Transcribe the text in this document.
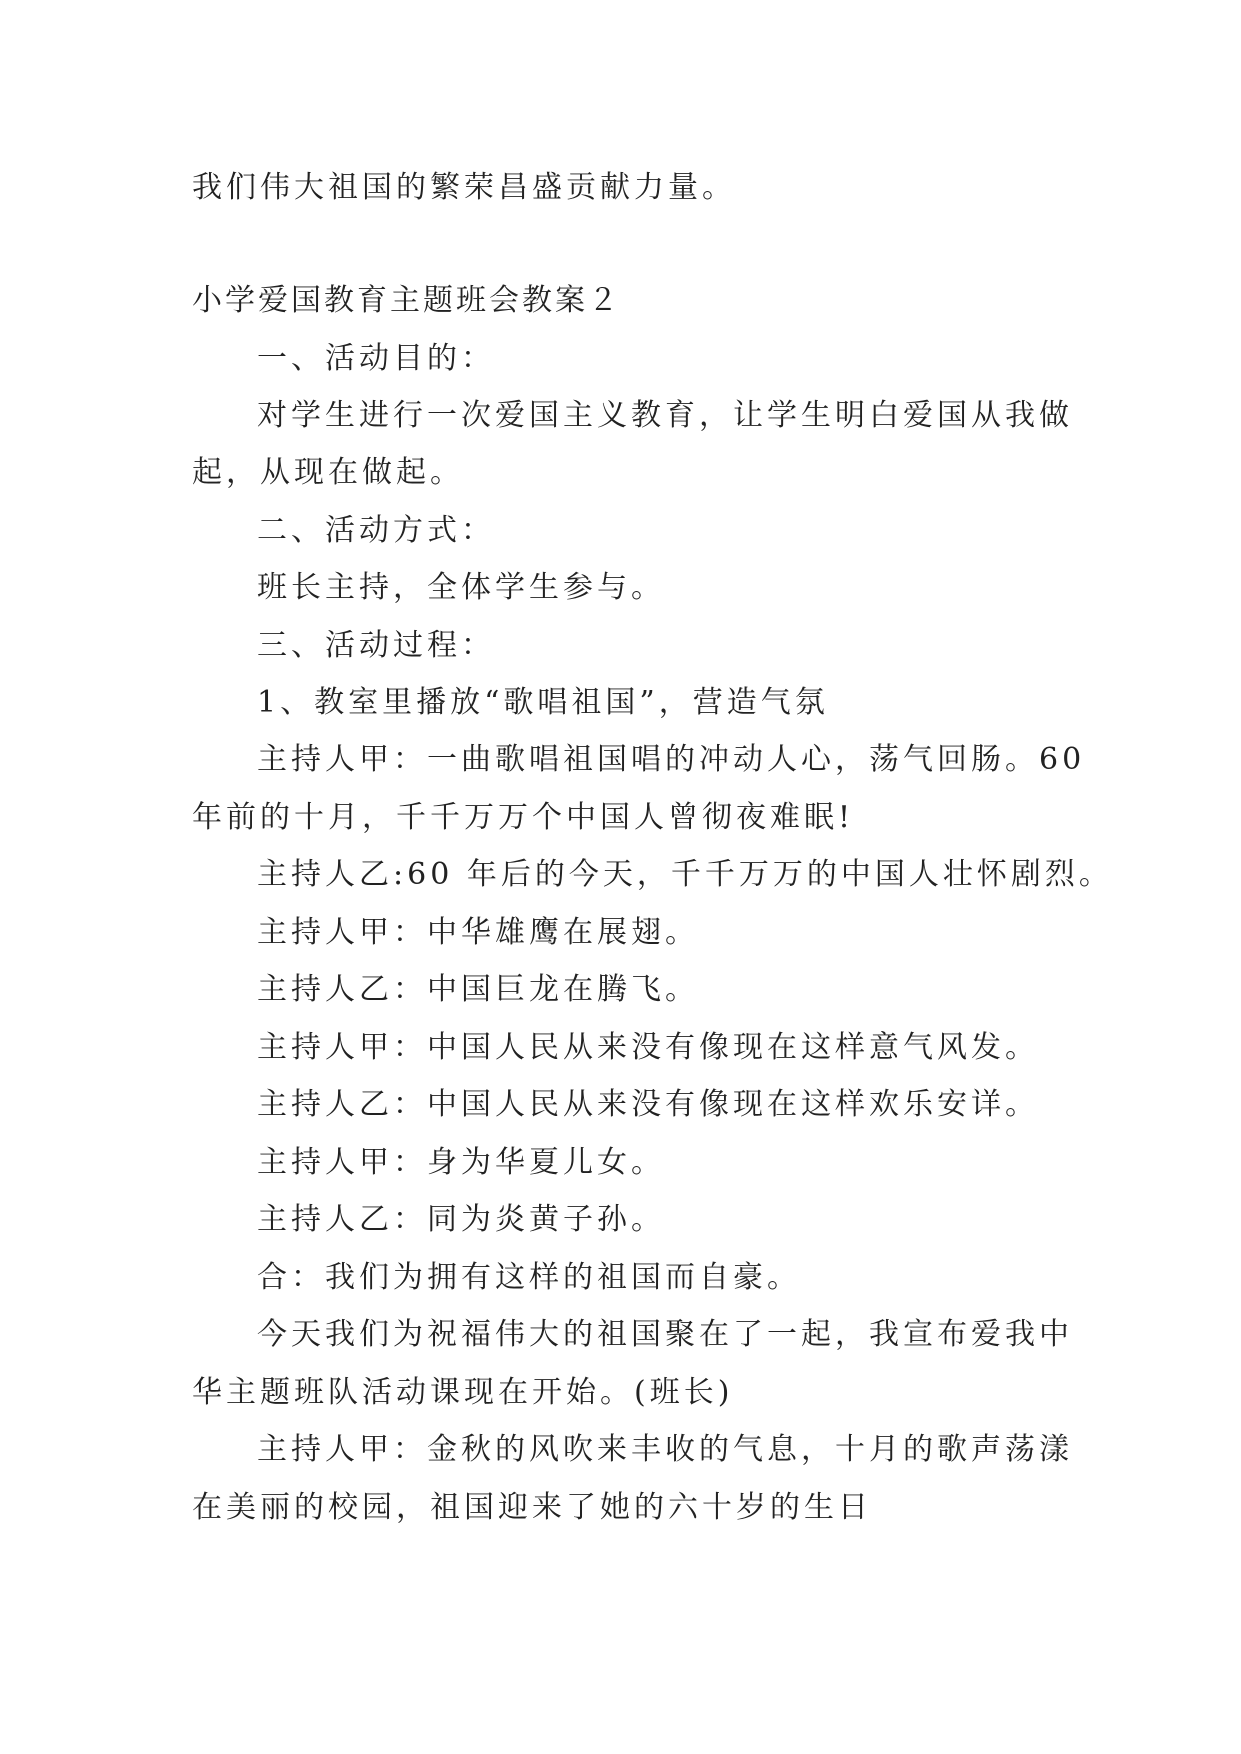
我们伟大祖国的繁荣昌盛贡献力量。
小学爱国教育主题班会教案２
一、活动目的：
对学生进行一次爱国主义教育，让学生明白爱国从我做
起，从现在做起。
二、活动方式：
班长主持，全体学生参与。
三、活动过程：
1、教室里播放“歌唱祖国”，营造气氛
主持人甲：一曲歌唱祖国唱的冲动人心，荡气回肠。60
年前的十月，千千万万个中国人曾彻夜难眠!
主持人乙:60 年后的今天，千千万万的中国人壮怀剧烈。
主持人甲：中华雄鹰在展翅。
主持人乙：中国巨龙在腾飞。
主持人甲：中国人民从来没有像现在这样意气风发。
主持人乙：中国人民从来没有像现在这样欢乐安详。
主持人甲：身为华夏儿女。
主持人乙：同为炎黄子孙。
合：我们为拥有这样的祖国而自豪。
今天我们为祝福伟大的祖国聚在了一起，我宣布爱我中
华主题班队活动课现在开始。(班长)
主持人甲：金秋的风吹来丰收的气息，十月的歌声荡漾
在美丽的校园，祖国迎来了她的六十岁的生日
